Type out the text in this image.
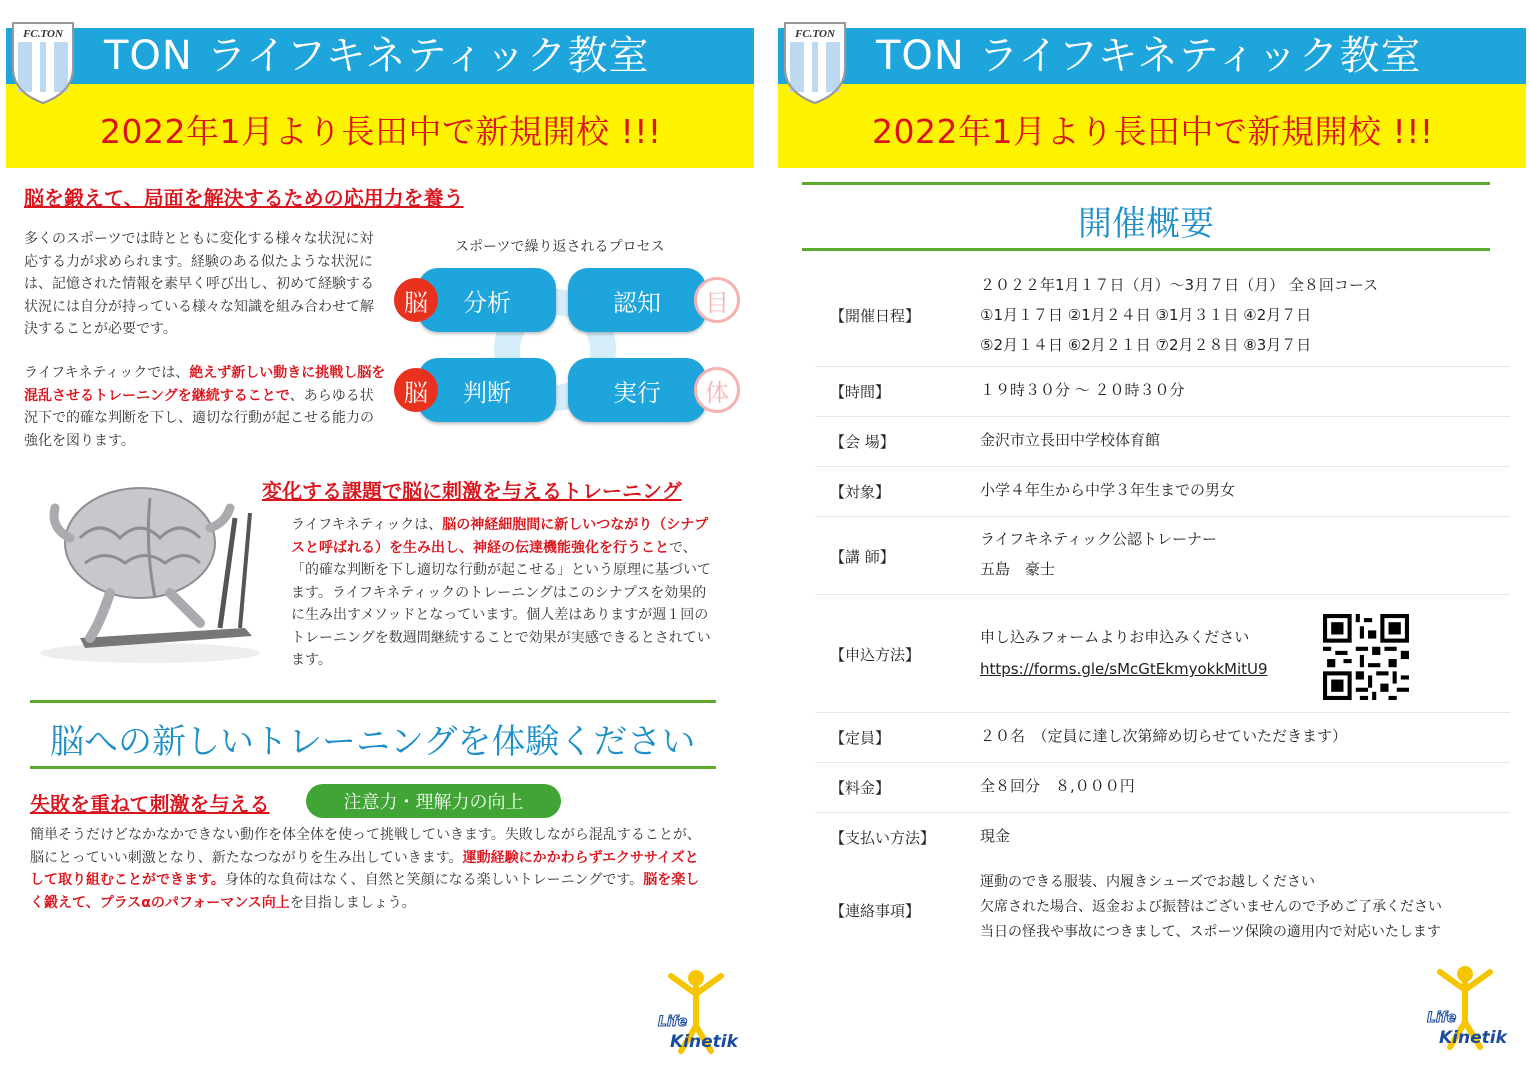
FC.TON TON ライフキネティック教室
2022年1月より長田中で新規開校 !!!
脳を鍛えて、局面を解決するための応用力を養う
多くのスポーツでは時とともに変化する様々な状況に対応する力が求められます。経験のある似たような状況には、記憶された情報を素早く呼び出し、初めて経験する状況には自分が持っている様々な知識を組み合わせて解決することが必要です。
ライフキネティックでは、絶えず新しい動きに挑戦し脳を混乱させるトレーニングを継続することで、あらゆる状況下で的確な判断を下し、適切な行動が起こせる能力の強化を図ります。
スポーツで繰り返されるプロセス
分析	認知
判断	実行
脳
脳
目
体
変化する課題で脳に刺激を与えるトレーニング
ライフキネティックは、脳の神経細胞間に新しいつながり（シナプスと呼ばれる）を生み出し、神経の伝達機能強化を行うことで、「的確な判断を下し適切な行動が起こせる」という原理に基づいてます。ライフキネティックのトレーニングはこのシナプスを効果的に生み出すメソッドとなっています。個人差はありますが週１回のトレーニングを数週間継続することで効果が実感できるとされています。
脳への新しいトレーニングを体験ください
失敗を重ねて刺激を与える	注意力・理解力の向上
簡単そうだけどなかなかできない動作を体全体を使って挑戦していきます。失敗しながら混乱することが、脳にとっていい刺激となり、新たなつながりを生み出していきます。運動経験にかかわらずエクササイズとして取り組むことができます。身体的な負荷はなく、自然と笑顔になる楽しいトレーニングです。脳を楽しく鍛えて、プラスαのパフォーマンス向上を目指しましょう。
Life
Kinetik
FC.TON TON ライフキネティック教室
2022年1月より長田中で新規開校 !!!
開催概要
【開催日程】
２０２２年1月１７日（月）〜3月７日（月） 全８回コース
①1月１７日 ②1月２４日 ③1月３１日 ④2月７日
⑤2月１４日 ⑥2月２１日 ⑦2月２８日 ⑧3月７日
【時間】	１９時３０分 〜 ２０時３０分
【会 場】	金沢市立長田中学校体育館
【対象】	小学４年生から中学３年生までの男女
【講 師】
ライフキネティック公認トレーナー
五島　豪士
【申込方法】
申し込みフォームよりお申込みください
https://forms.gle/sMcGtEkmyokkMitU9
【定員】	２０名　（定員に達し次第締め切らせていただきます）
【料金】	全８回分　８,０００円
【支払い方法】	現金
【連絡事項】
運動のできる服装、内履きシューズでお越しください
欠席された場合、返金および振替はございませんので予めご了承ください
当日の怪我や事故につきまして、スポーツ保険の適用内で対応いたします
Life
Kinetik
